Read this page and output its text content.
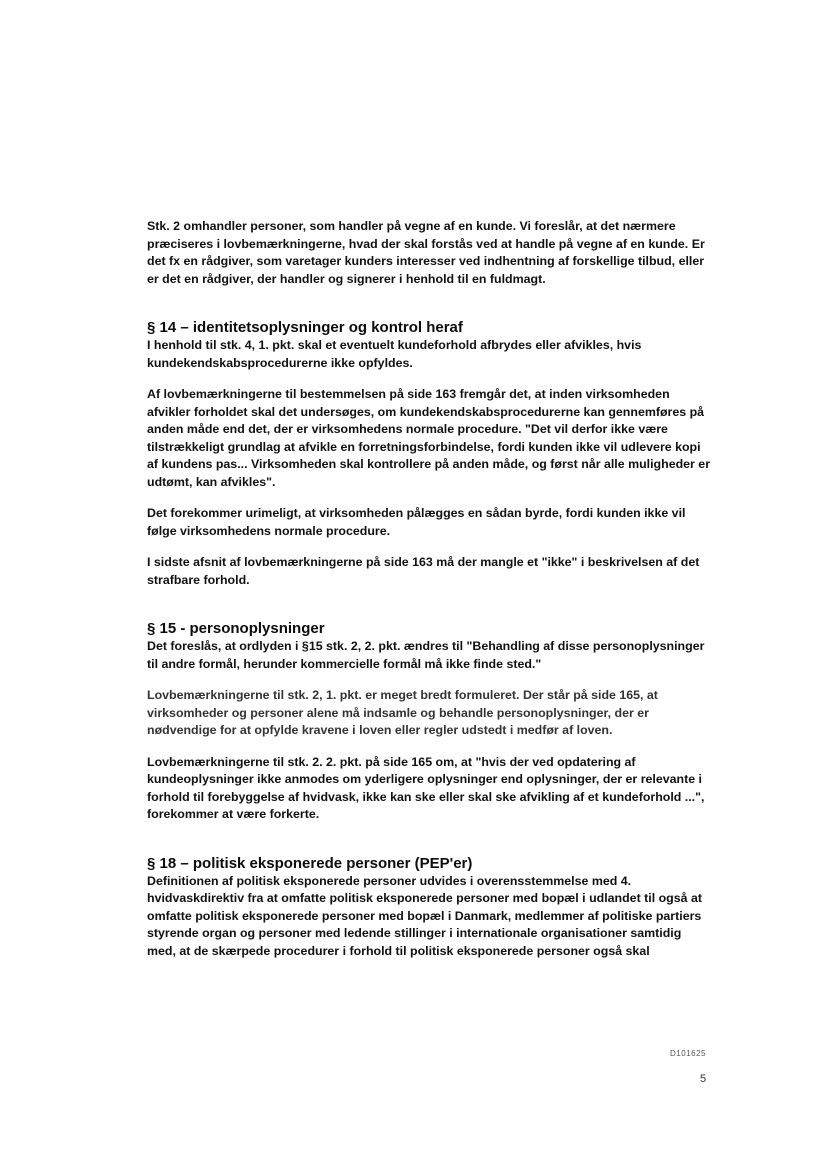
Stk. 2 omhandler personer, som handler på vegne af en kunde. Vi foreslår, at det nærmere præciseres i lovbemærkningerne, hvad der skal forstås ved at handle på vegne af en kunde. Er det fx en rådgiver, som varetager kunders interesser ved indhentning af forskellige tilbud, eller er det en rådgiver, der handler og signerer i henhold til en fuldmagt.

§ 14 – identitetsoplysninger og kontrol heraf

I henhold til stk. 4, 1. pkt. skal et eventuelt kundeforhold afbrydes eller afvikles, hvis kundekendskabsprocedurerne ikke opfyldes.

Af lovbemærkningerne til bestemmelsen på side 163 fremgår det, at inden virksomheden afvikler forholdet skal det undersøges, om kundekendskabsprocedurerne kan gennemføres på anden måde end det, der er virksomhedens normale procedure. "Det vil derfor ikke være tilstrækkeligt grundlag at afvikle en forretningsforbindelse, fordi kunden ikke vil udlevere kopi af kundens pas... Virksomheden skal kontrollere på anden måde, og først når alle muligheder er udtømt, kan afvikles".

Det forekommer urimeligt, at virksomheden pålægges en sådan byrde, fordi kunden ikke vil følge virksomhedens normale procedure.

I sidste afsnit af lovbemærkningerne på side 163 må der mangle et "ikke" i beskrivelsen af det strafbare forhold.

§ 15 - personoplysninger

Det foreslås, at ordlyden i §15 stk. 2, 2. pkt. ændres til "Behandling af disse personoplysninger til andre formål, herunder kommercielle formål må ikke finde sted."

Lovbemærkningerne til stk. 2, 1. pkt. er meget bredt formuleret. Der står på side 165, at virksomheder og personer alene må indsamle og behandle personoplysninger, der er nødvendige for at opfylde kravene i loven eller regler udstedt i medfør af loven.

Lovbemærkningerne til stk. 2. 2. pkt. på side 165 om, at "hvis der ved opdatering af kundeoplysninger ikke anmodes om yderligere oplysninger end oplysninger, der er relevante i forhold til forebyggelse af hvidvask, ikke kan ske eller skal ske afvikling af et kundeforhold ...", forekommer at være forkerte.

§ 18 – politisk eksponerede personer (PEP'er)

Definitionen af politisk eksponerede personer udvides i overensstemmelse med 4. hvidvaskdirektiv fra at omfatte politisk eksponerede personer med bopæl i udlandet til også at omfatte politisk eksponerede personer med bopæl i Danmark, medlemmer af politiske partiers styrende organ og personer med ledende stillinger i internationale organisationer samtidig med, at de skærpede procedurer i forhold til politisk eksponerede personer også skal

D101625
5
